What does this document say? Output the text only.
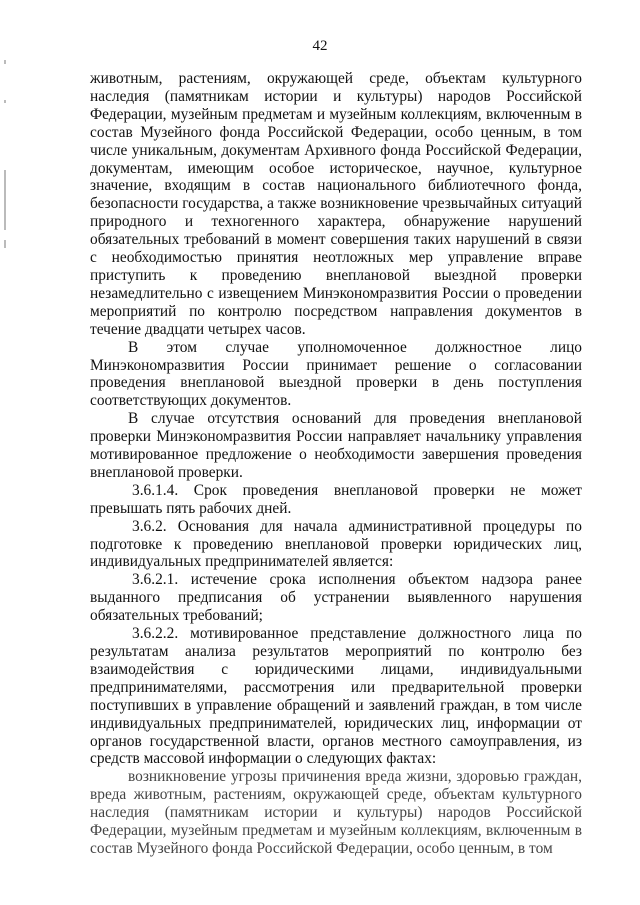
42

животным, растениям, окружающей среде, объектам культурного наследия (памятникам истории и культуры) народов Российской Федерации, музейным предметам и музейным коллекциям, включенным в состав Музейного фонда Российской Федерации, особо ценным, в том числе уникальным, документам Архивного фонда Российской Федерации, документам, имеющим особое историческое, научное, культурное значение, входящим в состав национального библиотечного фонда, безопасности государства, а также возникновение чрезвычайных ситуаций природного и техногенного характера, обнаружение нарушений обязательных требований в момент совершения таких нарушений в связи с необходимостью принятия неотложных мер управление вправе приступить к проведению внеплановой выездной проверки незамедлительно с извещением Минэкономразвития России о проведении мероприятий по контролю посредством направления документов в течение двадцати четырех часов.

В этом случае уполномоченное должностное лицо Минэкономразвития России принимает решение о согласовании проведения внеплановой выездной проверки в день поступления соответствующих документов.

В случае отсутствия оснований для проведения внеплановой проверки Минэкономразвития России направляет начальнику управления мотивированное предложение о необходимости завершения проведения внеплановой проверки.

3.6.1.4. Срок проведения внеплановой проверки не может превышать пять рабочих дней.

3.6.2. Основания для начала административной процедуры по подготовке к проведению внеплановой проверки юридических лиц, индивидуальных предпринимателей является:

3.6.2.1. истечение срока исполнения объектом надзора ранее выданного предписания об устранении выявленного нарушения обязательных требований;

3.6.2.2. мотивированное представление должностного лица по результатам анализа результатов мероприятий по контролю без взаимодействия с юридическими лицами, индивидуальными предпринимателями, рассмотрения или предварительной проверки поступивших в управление обращений и заявлений граждан, в том числе индивидуальных предпринимателей, юридических лиц, информации от органов государственной власти, органов местного самоуправления, из средств массовой информации о следующих фактах:

возникновение угрозы причинения вреда жизни, здоровью граждан, вреда животным, растениям, окружающей среде, объектам культурного наследия (памятникам истории и культуры) народов Российской Федерации, музейным предметам и музейным коллекциям, включенным в состав Музейного фонда Российской Федерации, особо ценным, в том
